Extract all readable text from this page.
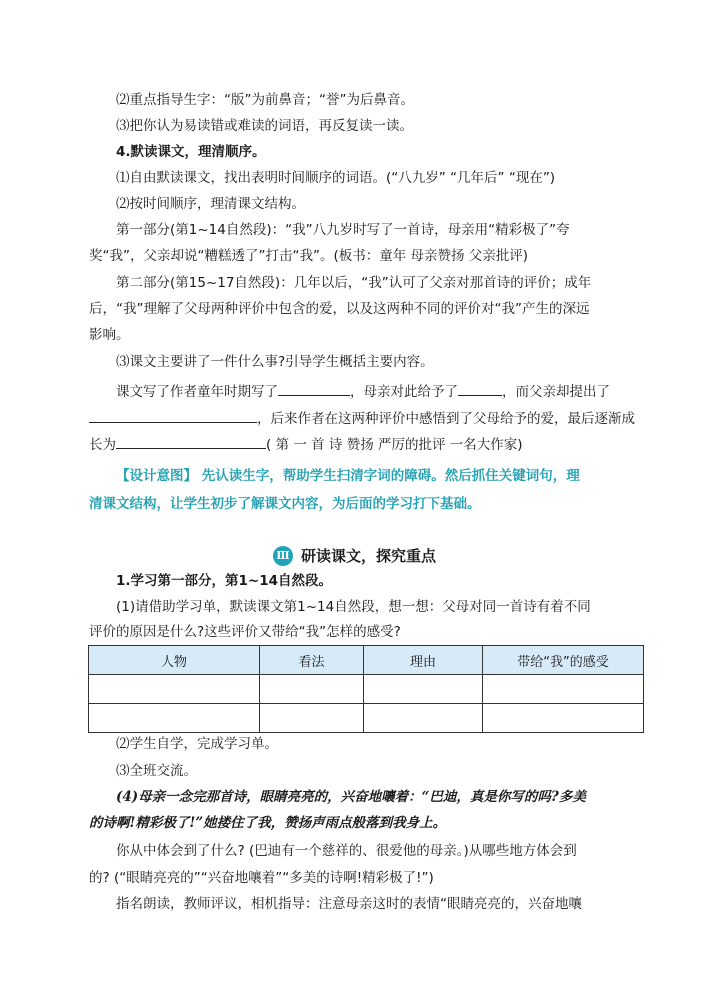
⑵重点指导生字：“版”为前鼻音；“誉”为后鼻音。
⑶把你认为易读错或难读的词语，再反复读一读。
4.默读课文，理清顺序。
⑴自由默读课文，找出表明时间顺序的词语。(“八九岁” “几年后” “现在”)
⑵按时间顺序，理清课文结构。
第一部分(第1~14自然段)：“我”八九岁时写了一首诗，母亲用“精彩极了”夸
奖“我”，父亲却说“糟糕透了”打击“我”。(板书：童年 母亲赞扬 父亲批评)
第二部分(第15~17自然段)：几年以后，“我”认可了父亲对那首诗的评价；成年
后，“我”理解了父母两种评价中包含的爱，以及这两种不同的评价对“我”产生的深远
影响。
⑶课文主要讲了一件什么事?引导学生概括主要内容。
课文写了作者童年时期写了	，母亲对此给予了	，而父亲却提出了
，后来作者在这两种评价中感悟到了父母给予的爱，最后逐渐成
长为	( 第 一 首 诗 赞扬 严厉的批评 一名大作家)
【设计意图】 先认读生字，帮助学生扫清字词的障碍。然后抓住关键词句，理
清课文结构，让学生初步了解课文内容，为后面的学习打下基础。
Ⅲ 研读课文，探究重点
1.学习第一部分，第1~14自然段。
(1)请借助学习单，默读课文第1~14自然段，想一想：父母对同一首诗有着不同
评价的原因是什么?这些评价又带给“我”怎样的感受?
人物	看法	理由	带给“我”的感受

⑵学生自学，完成学习单。
⑶全班交流。
(4)母亲一念完那首诗，眼睛亮亮的，兴奋地嚷着：“巴迪，真是你写的吗?多美
的诗啊!精彩极了!”她搂住了我，赞扬声雨点般落到我身上。
你从中体会到了什么? (巴迪有一个慈祥的、很爱他的母亲。)从哪些地方体会到
的? (“眼睛亮亮的”“兴奋地嚷着”“多美的诗啊!精彩极了!”)
指名朗读，教师评议，相机指导：注意母亲这时的表情“眼睛亮亮的，兴奋地嚷
